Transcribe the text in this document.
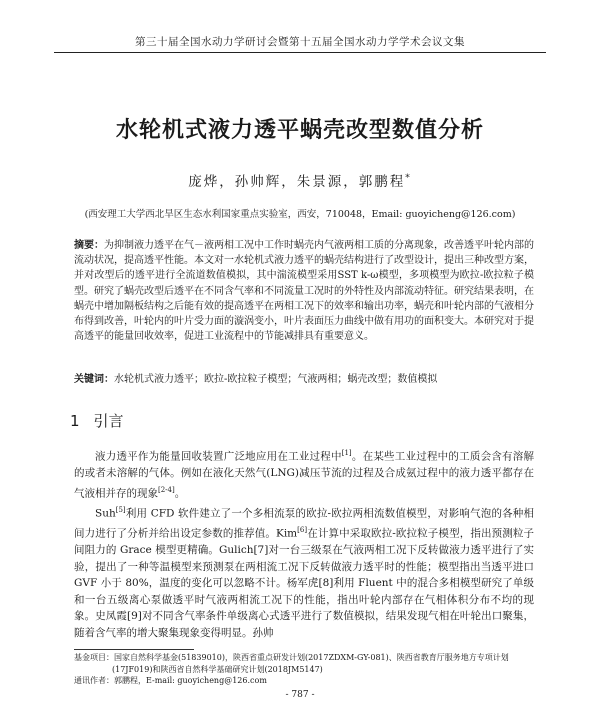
第三十届全国水动力学研讨会暨第十五届全国水动力学学术会议文集
水轮机式液力透平蜗壳改型数值分析
庞烨，孙帅辉，朱景源，郭鹏程*
(西安理工大学西北旱区生态水利国家重点实验室，西安，710048，Email: guoyicheng@126.com)
摘要：为抑制液力透平在气－液两相工况中工作时蜗壳内气液两相工质的分离现象，改善透平叶轮内部的流动状况，提高透平性能。本文对一水轮机式液力透平的蜗壳结构进行了改型设计，提出三种改型方案，并对改型后的透平进行全流道数值模拟，其中湍流模型采用SST k-ω模型，多项模型为欧拉-欧拉粒子模型。研究了蜗壳改型后透平在不同含气率和不同流量工况时的外特性及内部流动特征。研究结果表明，在蜗壳中增加隔板结构之后能有效的提高透平在两相工况下的效率和输出功率，蜗壳和叶轮内部的气液相分布得到改善，叶轮内的叶片受力面的漩涡变小，叶片表面压力曲线中做有用功的面积变大。本研究对于提高透平的能量回收效率，促进工业流程中的节能减排具有重要意义。
关键词：水轮机式液力透平；欧拉-欧拉粒子模型；气液两相；蜗壳改型；数值模拟
1 引言

液力透平作为能量回收装置广泛地应用在工业过程中[1]。在某些工业过程中的工质会含有溶解的或者未溶解的气体。例如在液化天然气(LNG)减压节流的过程及合成氨过程中的液力透平都存在气液相并存的现象[2-4]。

Suh[5]利用 CFD 软件建立了一个多相流泵的欧拉-欧拉两相流数值模型，对影响气泡的各种相间力进行了分析并给出设定参数的推荐值。Kim[6]在计算中采取欧拉-欧拉粒子模型，指出预测粒子间阻力的 Grace 模型更精确。Gulich[7]对一台三级泵在气液两相工况下反转做液力透平进行了实验，提出了一种等温模型来预测泵在两相流工况下反转做液力透平时的性能；模型指出当透平进口 GVF 小于 80%，温度的变化可以忽略不计。杨军虎[8]利用 Fluent 中的混合多相模型研究了单级和一台五级离心泵做透平时气液两相流工况下的性能，指出叶轮内部存在气相体积分布不均的现象。史凤霞[9]对不同含气率条件单级离心式透平进行了数值模拟，结果发现气相在叶轮出口聚集，随着含气率的增大聚集现象变得明显。孙帅

基金项目：国家自然科学基金(51839010)，陕西省重点研发计划(2017ZDXM-GY-081)、陕西省教育厅服务地方专项计划
(17JF019)和陕西省自然科学基础研究计划(2018JM5147)
通讯作者：郭鹏程，E-mail: guoyicheng@126.com
- 787 -
